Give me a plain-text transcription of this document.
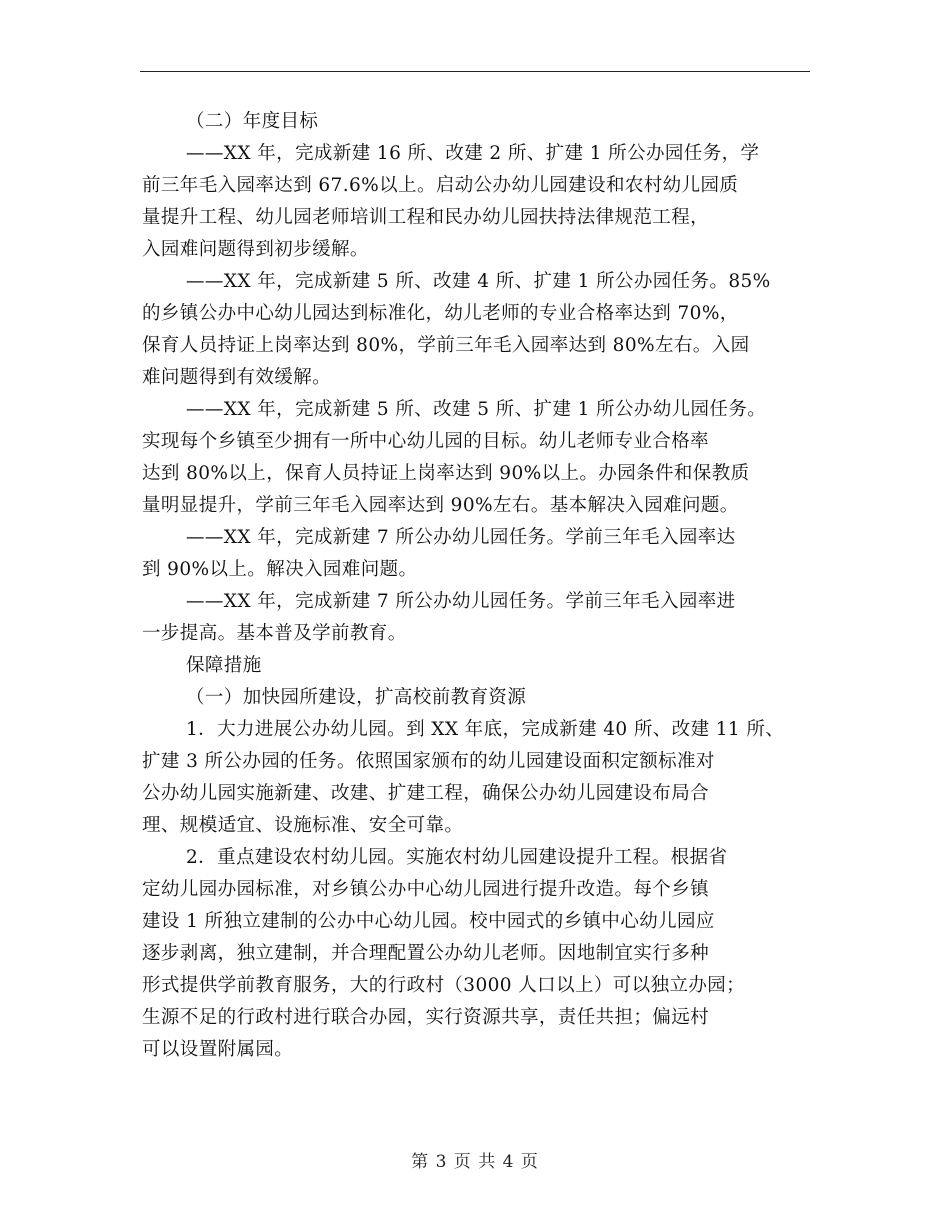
（二）年度目标
——XX 年，完成新建 16 所、改建 2 所、扩建 1 所公办园任务，学
前三年毛入园率达到 67.6%以上。启动公办幼儿园建设和农村幼儿园质
量提升工程、幼儿园老师培训工程和民办幼儿园扶持法律规范工程，
入园难问题得到初步缓解。
——XX 年，完成新建 5 所、改建 4 所、扩建 1 所公办园任务。85%
的乡镇公办中心幼儿园达到标准化，幼儿老师的专业合格率达到 70%，
保育人员持证上岗率达到 80%，学前三年毛入园率达到 80%左右。入园
难问题得到有效缓解。
——XX 年，完成新建 5 所、改建 5 所、扩建 1 所公办幼儿园任务。
实现每个乡镇至少拥有一所中心幼儿园的目标。幼儿老师专业合格率
达到 80%以上，保育人员持证上岗率达到 90%以上。办园条件和保教质
量明显提升，学前三年毛入园率达到 90%左右。基本解决入园难问题。
——XX 年，完成新建 7 所公办幼儿园任务。学前三年毛入园率达
到 90%以上。解决入园难问题。
——XX 年，完成新建 7 所公办幼儿园任务。学前三年毛入园率进
一步提高。基本普及学前教育。
保障措施
（一）加快园所建设，扩高校前教育资源
1．大力进展公办幼儿园。到 XX 年底，完成新建 40 所、改建 11 所、
扩建 3 所公办园的任务。依照国家颁布的幼儿园建设面积定额标准对
公办幼儿园实施新建、改建、扩建工程，确保公办幼儿园建设布局合
理、规模适宜、设施标准、安全可靠。
2．重点建设农村幼儿园。实施农村幼儿园建设提升工程。根据省
定幼儿园办园标准，对乡镇公办中心幼儿园进行提升改造。每个乡镇
建设 1 所独立建制的公办中心幼儿园。校中园式的乡镇中心幼儿园应
逐步剥离，独立建制，并合理配置公办幼儿老师。因地制宜实行多种
形式提供学前教育服务，大的行政村（3000 人口以上）可以独立办园；
生源不足的行政村进行联合办园，实行资源共享，责任共担；偏远村
可以设置附属园。
第 3 页 共 4 页
